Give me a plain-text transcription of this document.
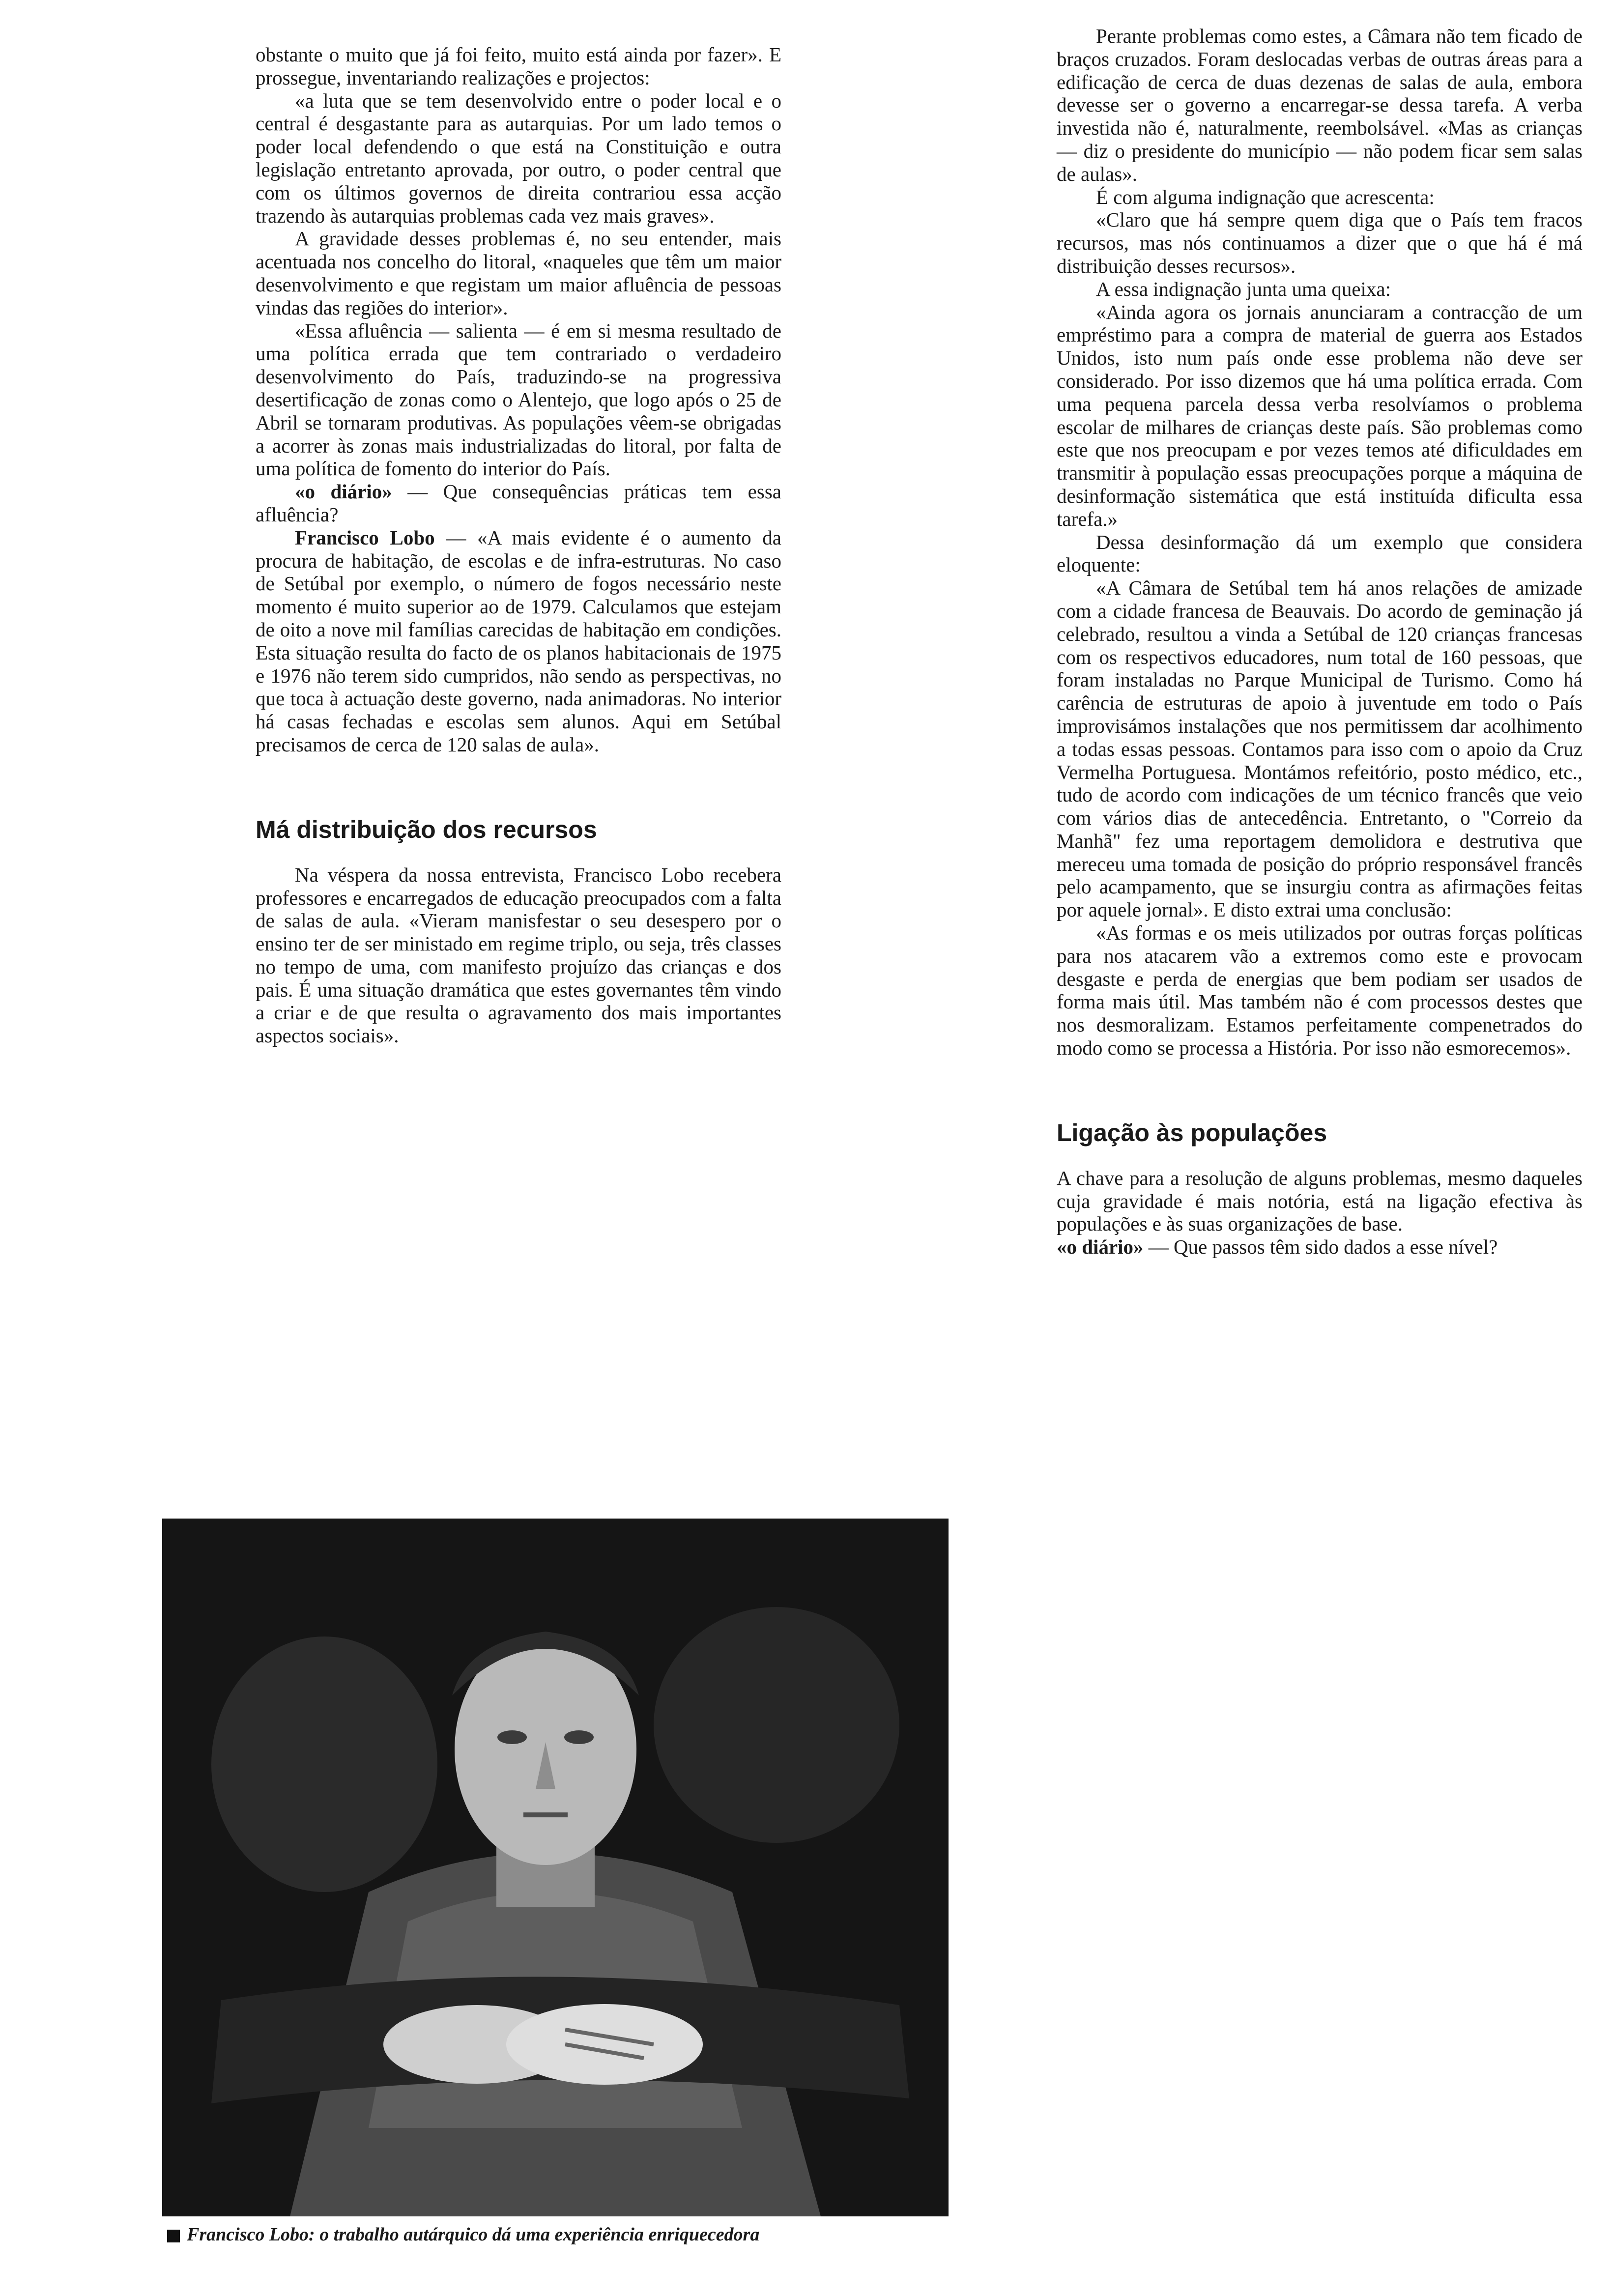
obstante o muito que já foi feito, muito está ainda por fazer». E prossegue, inventariando realizações e projectos:

«a luta que se tem desenvolvido entre o poder local e o central é desgastante para as autarquias. Por um lado temos o poder local defendendo o que está na Constituição e outra legislação entretanto aprovada, por outro, o poder central que com os últimos governos de direita contrariou essa acção trazendo às autarquias problemas cada vez mais graves».

A gravidade desses problemas é, no seu entender, mais acentuada nos concelho do litoral, «naqueles que têm um maior desenvolvimento e que registam um maior afluência de pessoas vindas das regiões do interior».

«Essa afluência — salienta — é em si mesma resultado de uma política errada que tem contrariado o verdadeiro desenvolvimento do País, traduzindo-se na progressiva desertificação de zonas como o Alentejo, que logo após o 25 de Abril se tornaram produtivas. As populações vêem-se obrigadas a acorrer às zonas mais industrializadas do litoral, por falta de uma política de fomento do interior do País.

«o diário» — Que consequências práticas tem essa afluência?

Francisco Lobo — «A mais evidente é o aumento da procura de habitação, de escolas e de infra-estruturas. No caso de Setúbal por exemplo, o número de fogos necessário neste momento é muito superior ao de 1979. Calculamos que estejam de oito a nove mil famílias carecidas de habitação em condições. Esta situação resulta do facto de os planos habitacionais de 1975 e 1976 não terem sido cumpridos, não sendo as perspectivas, no que toca à actuação deste governo, nada animadoras. No interior há casas fechadas e escolas sem alunos. Aqui em Setúbal precisamos de cerca de 120 salas de aula».

Má distribuição dos recursos

Na véspera da nossa entrevista, Francisco Lobo recebera professores e encarregados de educação preocupados com a falta de salas de aula. «Vieram manisfestar o seu desespero por o ensino ter de ser ministado em regime triplo, ou seja, três classes no tempo de uma, com manifesto projuízo das crianças e dos pais. É uma situação dramática que estes governantes têm vindo a criar e de que resulta o agravamento dos mais importantes aspectos sociais».

Perante problemas como estes, a Câmara não tem ficado de braços cruzados. Foram deslocadas verbas de outras áreas para a edificação de cerca de duas dezenas de salas de aula, embora devesse ser o governo a encarregar-se dessa tarefa. A verba investida não é, naturalmente, reembolsável. «Mas as crianças — diz o presidente do município — não podem ficar sem salas de aulas».

É com alguma indignação que acrescenta:

«Claro que há sempre quem diga que o País tem fracos recursos, mas nós continuamos a dizer que o que há é má distribuição desses recursos».

A essa indignação junta uma queixa:

«Ainda agora os jornais anunciaram a contracção de um empréstimo para a compra de material de guerra aos Estados Unidos, isto num país onde esse problema não deve ser considerado. Por isso dizemos que há uma política errada. Com uma pequena parcela dessa verba resolvíamos o problema escolar de milhares de crianças deste país. São problemas como este que nos preocupam e por vezes temos até dificuldades em transmitir à população essas preocupações porque a máquina de desinformação sistemática que está instituída dificulta essa tarefa.»

Dessa desinformação dá um exemplo que considera eloquente:

«A Câmara de Setúbal tem há anos relações de amizade com a cidade francesa de Beauvais. Do acordo de geminação já celebrado, resultou a vinda a Setúbal de 120 crianças francesas com os respectivos educadores, num total de 160 pessoas, que foram instaladas no Parque Municipal de Turismo. Como há carência de estruturas de apoio à juventude em todo o País improvisámos instalações que nos permitissem dar acolhimento a todas essas pessoas. Contamos para isso com o apoio da Cruz Vermelha Portuguesa. Montámos refeitório, posto médico, etc., tudo de acordo com indicações de um técnico francês que veio com vários dias de antecedência. Entretanto, o "Correio da Manhã" fez uma reportagem demolidora e destrutiva que mereceu uma tomada de posição do próprio responsável francês pelo acampamento, que se insurgiu contra as afirmações feitas por aquele jornal». E disto extrai uma conclusão:

«As formas e os meis utilizados por outras forças políticas para nos atacarem vão a extremos como este e provocam desgaste e perda de energias que bem podiam ser usados de forma mais útil. Mas também não é com processos destes que nos desmoralizam. Estamos perfeitamente compenetrados do modo como se processa a História. Por isso não esmorecemos».

Ligação às populações

A chave para a resolução de alguns problemas, mesmo daqueles cuja gravidade é mais notória, está na ligação efectiva às populações e às suas organizações de base.

«o diário» — Que passos têm sido dados a esse nível?

Francisco Lobo: o trabalho autárquico dá uma experiência enriquecedora
